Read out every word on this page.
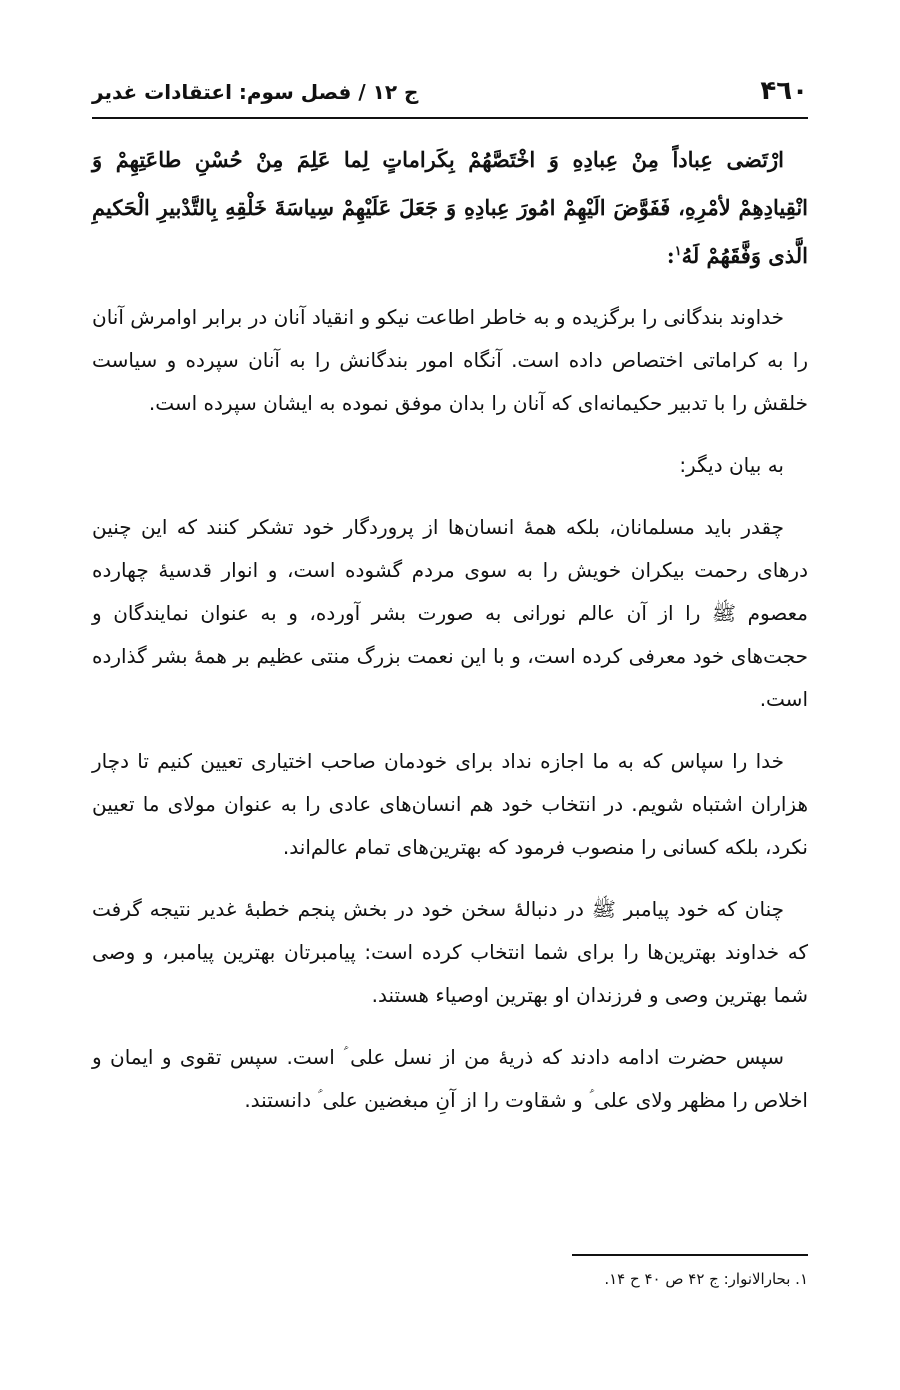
۴٦٠
ج ۱۲ / فصل سوم: اعتقادات غدیر

ارْتَضی عِباداً مِنْ عِبادِهِ وَ اخْتَصَّهُمْ بِکَراماتٍ لِما عَلِمَ مِنْ حُسْنِ طاعَتِهِمْ وَ انْقِیادِهِمْ لأمْرِهِ، فَفَوَّضَ الَیْهِمْ امُورَ عِبادِهِ وَ جَعَلَ عَلَیْهِمْ سِیاسَةَ خَلْقِهِ بِالتَّدْبیرِ الْحَکیمِ الَّذی وَفَّقَهُمْ لَهُ$^۱$:

خداوند بندگانی را برگزیده و به خاطر اطاعت نیکو و انقیاد آنان در برابر اوامرش آنان را به کراماتی اختصاص داده است. آنگاه امور بندگانش را به آنان سپرده و سیاست خلقش را با تدبیر حکیمانه‌ای که آنان را بدان موفق نموده به ایشان سپرده است.

به بیان دیگر:

چقدر باید مسلمانان، بلکه همهٔ انسان‌ها از پروردگار خود تشکر کنند که این چنین درهای رحمت بیکران خویش را به سوی مردم گشوده است، و انوار قدسیهٔ چهارده معصوم ﷺ را از آن عالم نورانی به صورت بشر آورده، و به عنوان نمایندگان و حجت‌های خود معرفی کرده است، و با این نعمت بزرگ منتی عظیم بر همهٔ بشر گذارده است.

خدا را سپاس که به ما اجازه نداد برای خودمان صاحب اختیاری تعیین کنیم تا دچار هزاران اشتباه شویم. در انتخاب خود هم انسان‌های عادی را به عنوان مولای ما تعیین نکرد، بلکه کسانی را منصوب فرمود که بهترین‌های تمام عالم‌اند.

چنان که خود پیامبر ﷺ در دنبالهٔ سخن خود در بخش پنجم خطبهٔ غدیر نتیجه گرفت که خداوند بهترین‌ها را برای شما انتخاب کرده است: پیامبرتان بهترین پیامبر، و وصی شما بهترین وصی و فرزندان او بهترین اوصیاء هستند.

سپس حضرت ادامه دادند که ذریهٔ من از نسل علی ؑ است. سپس تقوی و ایمان و اخلاص را مظهر ولای علی ؑ و شقاوت را از آنِ مبغضین علی ؑ دانستند.

۱. بحارالانوار: ج ۴۲ ص ۴۰ ح ۱۴.
